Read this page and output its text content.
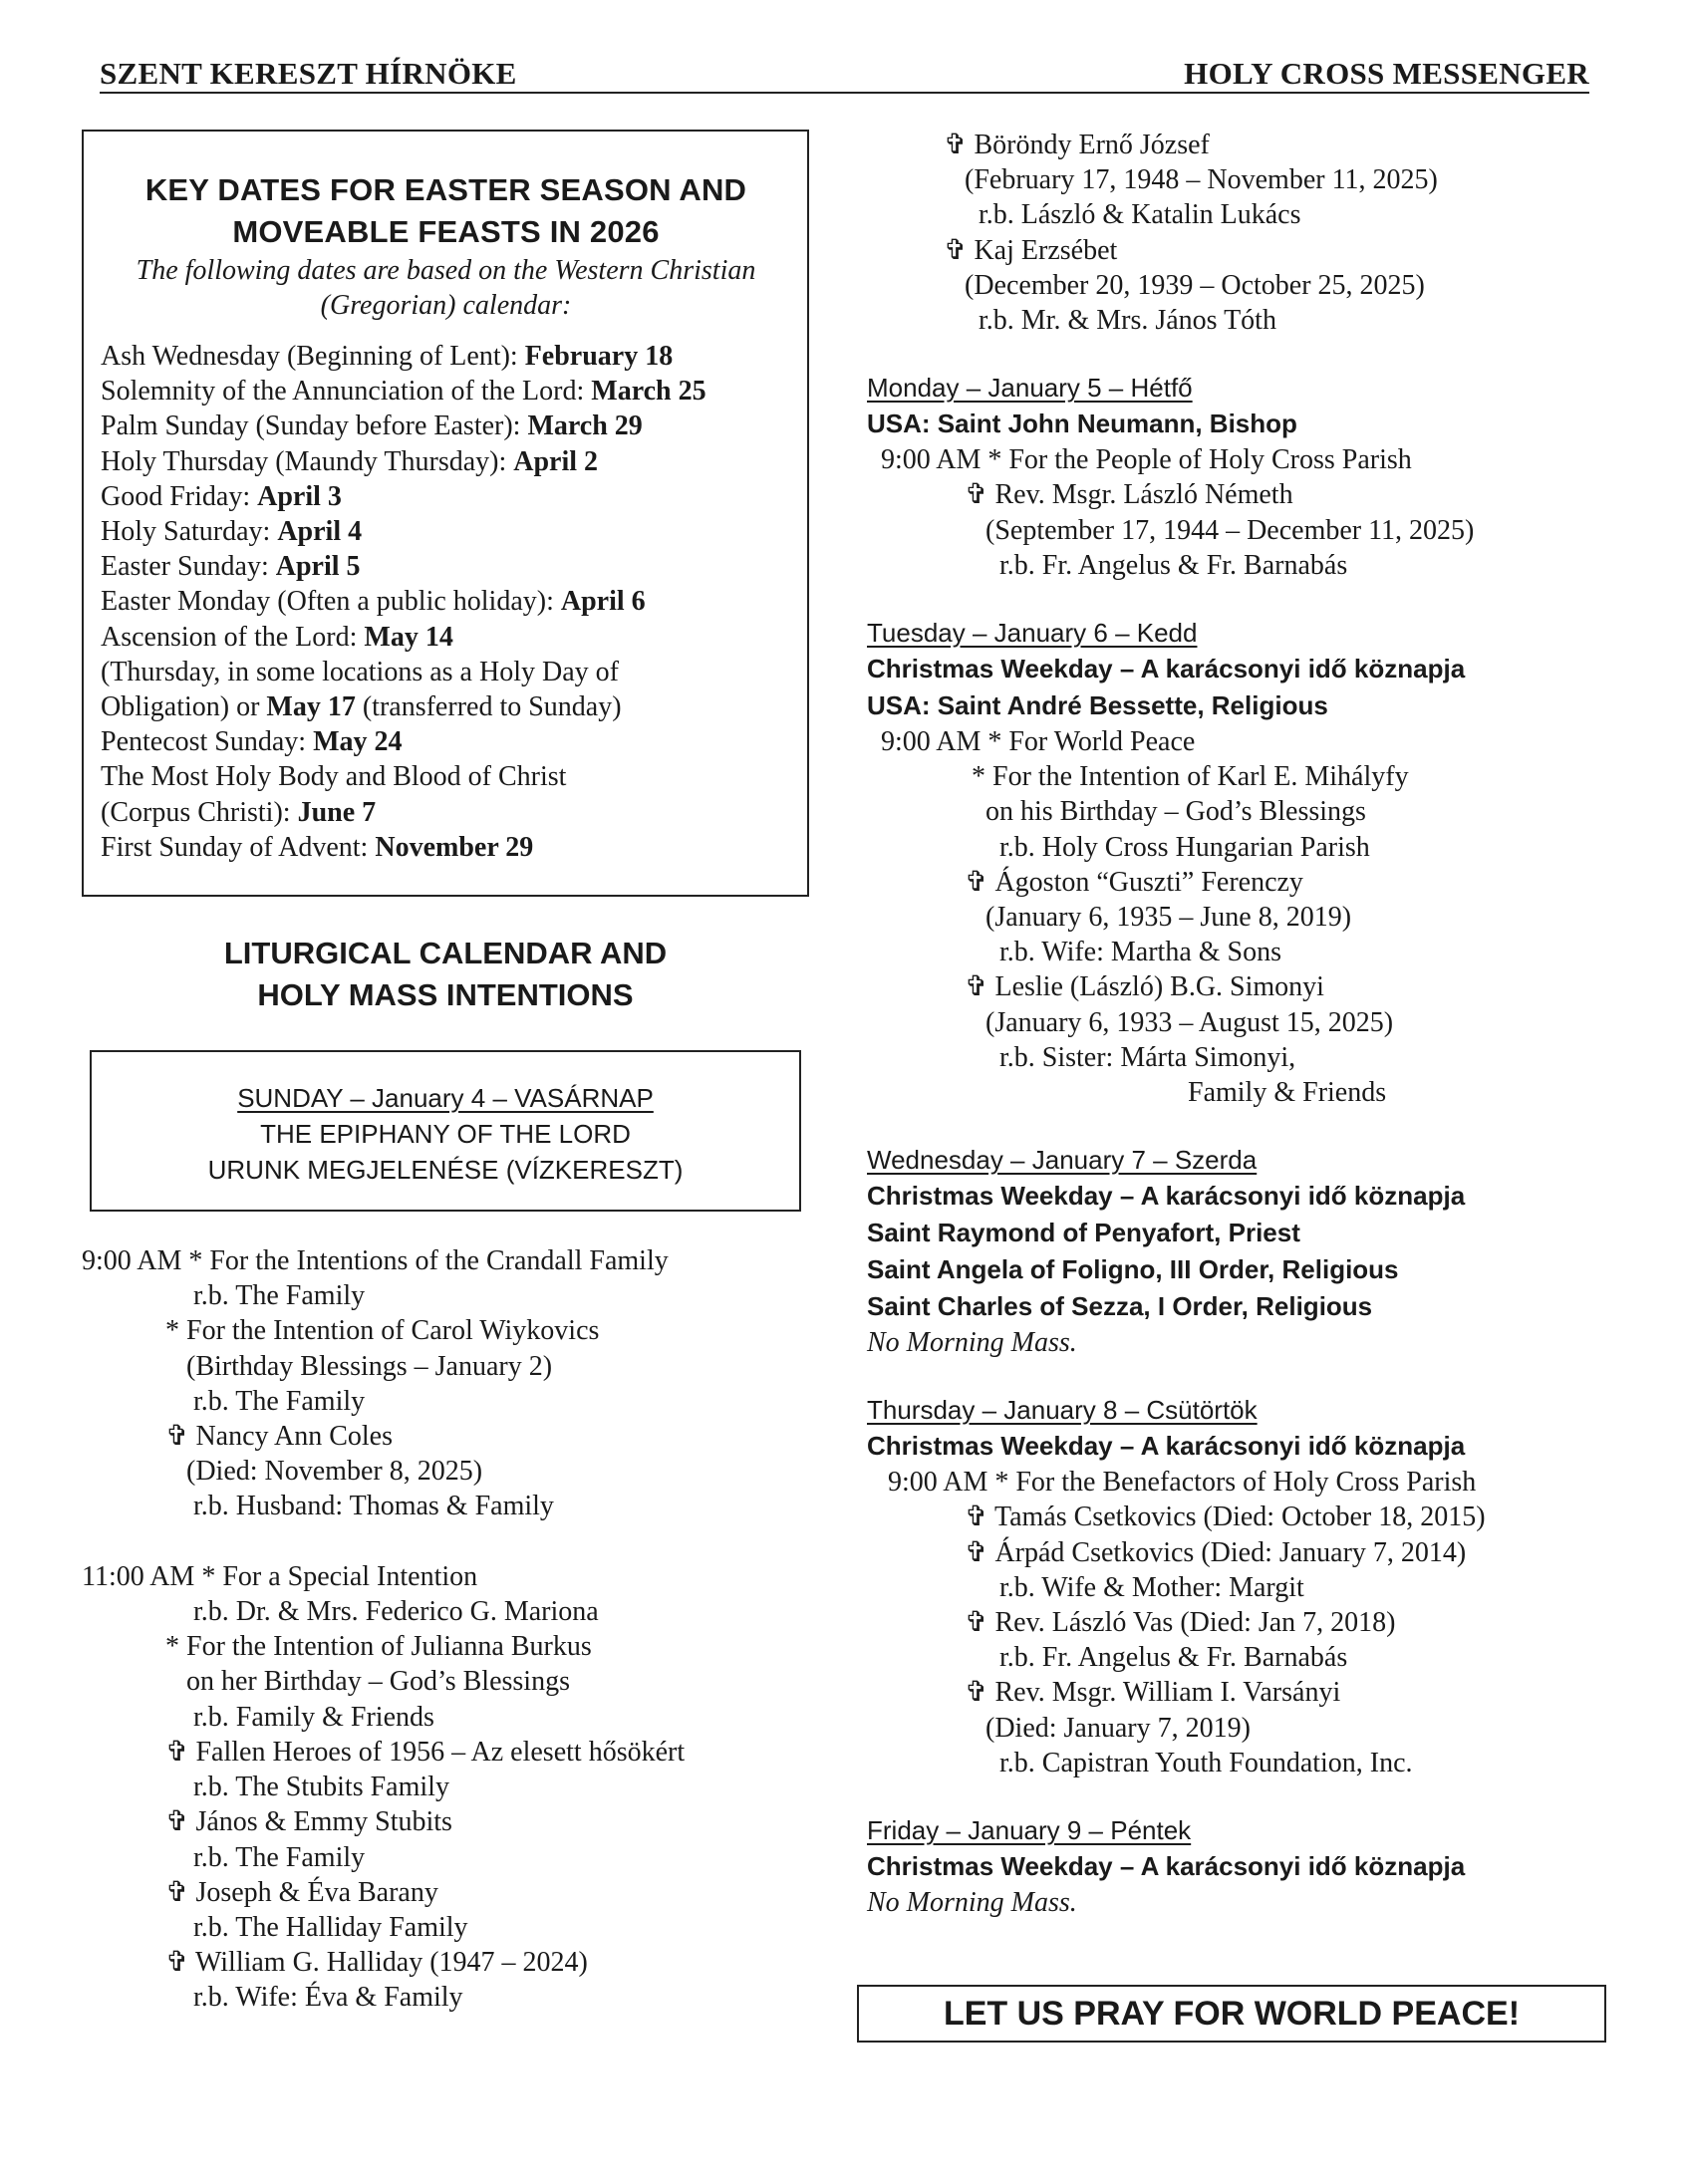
SZENT KERESZT HÍRNÖKE	HOLY CROSS MESSENGER
KEY DATES FOR EASTER SEASON AND
MOVEABLE FEASTS IN 2026
The following dates are based on the Western Christian
(Gregorian) calendar:
Ash Wednesday (Beginning of Lent): February 18
Solemnity of the Annunciation of the Lord: March 25
Palm Sunday (Sunday before Easter): March 29
Holy Thursday (Maundy Thursday): April 2
Good Friday: April 3
Holy Saturday: April 4
Easter Sunday: April 5
Easter Monday (Often a public holiday): April 6
Ascension of the Lord: May 14
(Thursday, in some locations as a Holy Day of
Obligation) or May 17 (transferred to Sunday)
Pentecost Sunday: May 24
The Most Holy Body and Blood of Christ
(Corpus Christi): June 7
First Sunday of Advent: November 29
LITURGICAL CALENDAR AND
HOLY MASS INTENTIONS
SUNDAY – January 4 – VASÁRNAP
THE EPIPHANY OF THE LORD
URUNK MEGJELENÉSE (VÍZKERESZT)
9:00 AM * For the Intentions of the Crandall Family
r.b. The Family
* For the Intention of Carol Wiykovics
(Birthday Blessings – January 2)
r.b. The Family
✞ Nancy Ann Coles
(Died: November 8, 2025)
r.b. Husband: Thomas & Family

11:00 AM * For a Special Intention
r.b. Dr. & Mrs. Federico G. Mariona
* For the Intention of Julianna Burkus
on her Birthday – God’s Blessings
r.b. Family & Friends
✞ Fallen Heroes of 1956 – Az elesett hősökért
r.b. The Stubits Family
✞ János & Emmy Stubits
r.b. The Family
✞ Joseph & Éva Barany
r.b. The Halliday Family
✞ William G. Halliday (1947 – 2024)
r.b. Wife: Éva & Family
✞ Böröndy Ernő József
(February 17, 1948 – November 11, 2025)
r.b. László & Katalin Lukács
✞ Kaj Erzsébet
(December 20, 1939 – October 25, 2025)
r.b. Mr. & Mrs. János Tóth
Monday – January 5 – Hétfő
USA: Saint John Neumann, Bishop
9:00 AM * For the People of Holy Cross Parish
✞ Rev. Msgr. László Németh
(September 17, 1944 – December 11, 2025)
r.b. Fr. Angelus & Fr. Barnabás
Tuesday – January 6 – Kedd
Christmas Weekday – A karácsonyi idő köznapja
USA: Saint André Bessette, Religious
9:00 AM * For World Peace
* For the Intention of Karl E. Mihályfy
on his Birthday – God’s Blessings
r.b. Holy Cross Hungarian Parish
✞ Ágoston “Guszti” Ferenczy
(January 6, 1935 – June 8, 2019)
r.b. Wife: Martha & Sons
✞ Leslie (László) B.G. Simonyi
(January 6, 1933 – August 15, 2025)
r.b. Sister: Márta Simonyi,
Family & Friends
Wednesday – January 7 – Szerda
Christmas Weekday – A karácsonyi idő köznapja
Saint Raymond of Penyafort, Priest
Saint Angela of Foligno, III Order, Religious
Saint Charles of Sezza, I Order, Religious
No Morning Mass.
Thursday – January 8 – Csütörtök
Christmas Weekday – A karácsonyi idő köznapja
9:00 AM * For the Benefactors of Holy Cross Parish
✞ Tamás Csetkovics (Died: October 18, 2015)
✞ Árpád Csetkovics (Died: January 7, 2014)
r.b. Wife & Mother: Margit
✞ Rev. László Vas (Died: Jan 7, 2018)
r.b. Fr. Angelus & Fr. Barnabás
✞ Rev. Msgr. William I. Varsányi
(Died: January 7, 2019)
r.b. Capistran Youth Foundation, Inc.
Friday – January 9 – Péntek
Christmas Weekday – A karácsonyi idő köznapja
No Morning Mass.
LET US PRAY FOR WORLD PEACE!
